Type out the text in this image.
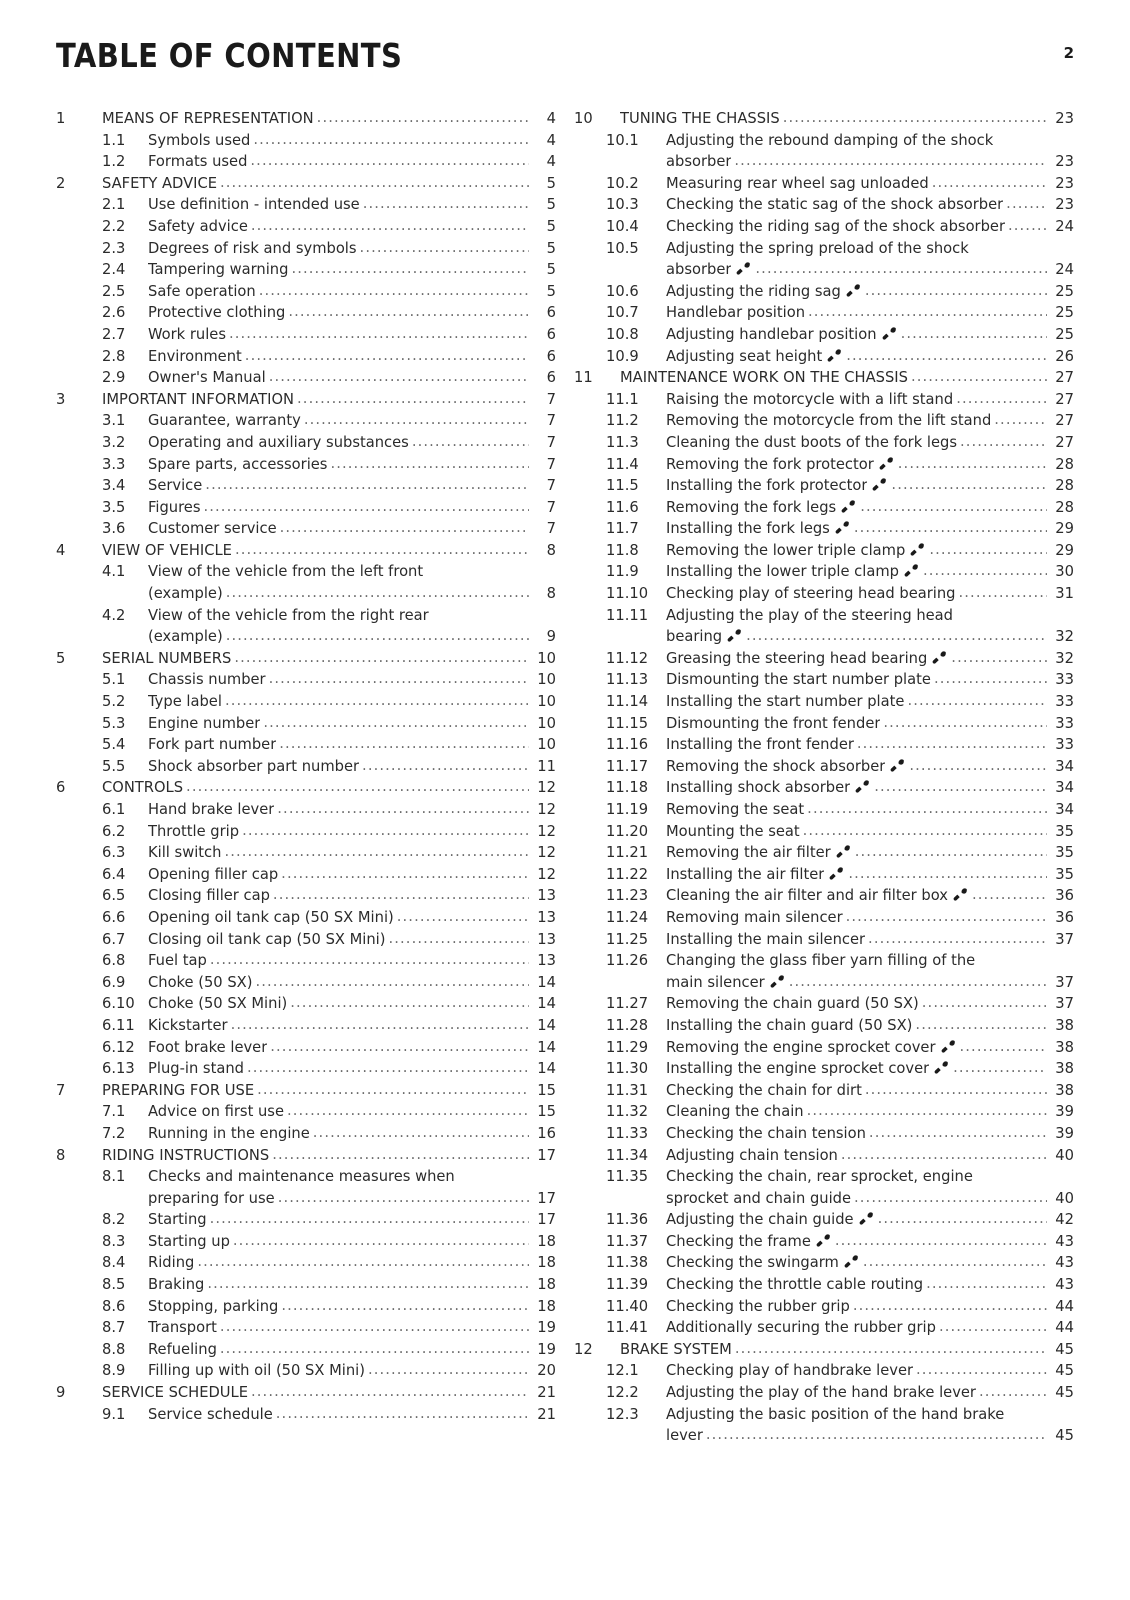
TABLE OF CONTENTS	2
1	MEANS OF REPRESENTATION .....	4
1.1	Symbols used .....	4
1.2	Formats used .....	4
2	SAFETY ADVICE .....	5
2.1	Use definition - intended use .....	5
2.2	Safety advice .....	5
2.3	Degrees of risk and symbols .....	5
2.4	Tampering warning .....	5
2.5	Safe operation .....	5
2.6	Protective clothing .....	6
2.7	Work rules .....	6
2.8	Environment .....	6
2.9	Owner's Manual .....	6
3	IMPORTANT INFORMATION .....	7
3.1	Guarantee, warranty .....	7
3.2	Operating and auxiliary substances .....	7
3.3	Spare parts, accessories .....	7
3.4	Service .....	7
3.5	Figures .....	7
3.6	Customer service .....	7
4	VIEW OF VEHICLE .....	8
4.1	View of the vehicle from the left front
(example) .....	8
4.2	View of the vehicle from the right rear
(example) .....	9
5	SERIAL NUMBERS .....	10
5.1	Chassis number .....	10
5.2	Type label .....	10
5.3	Engine number .....	10
5.4	Fork part number .....	10
5.5	Shock absorber part number .....	11
6	CONTROLS .....	12
6.1	Hand brake lever .....	12
6.2	Throttle grip .....	12
6.3	Kill switch .....	12
6.4	Opening filler cap .....	12
6.5	Closing filler cap .....	13
6.6	Opening oil tank cap (50 SX Mini) .....	13
6.7	Closing oil tank cap (50 SX Mini) .....	13
6.8	Fuel tap .....	13
6.9	Choke (50 SX) .....	14
6.10 Choke (50 SX Mini) .....	14
6.11 Kickstarter .....	14
6.12 Foot brake lever .....	14
6.13 Plug-in stand .....	14
7	PREPARING FOR USE .....	15
7.1	Advice on first use .....	15
7.2	Running in the engine .....	16
8	RIDING INSTRUCTIONS .....	17
8.1	Checks and maintenance measures when
preparing for use .....	17
8.2	Starting .....	17
8.3	Starting up .....	18
8.4	Riding .....	18
8.5	Braking .....	18
8.6	Stopping, parking .....	18
8.7	Transport .....	19
8.8	Refueling .....	19
8.9	Filling up with oil (50 SX Mini) .....	20
9	SERVICE SCHEDULE .....	21
9.1	Service schedule .....	21
10	TUNING THE CHASSIS .....	23
10.1	Adjusting the rebound damping of the shock
absorber .....	23
10.2	Measuring rear wheel sag unloaded .....	23
10.3	Checking the static sag of the shock absorber .....	23
10.4	Checking the riding sag of the shock absorber .....	24
10.5	Adjusting the spring preload of the shock
absorber .....	24
10.6	Adjusting the riding sag .....	25
10.7	Handlebar position .....	25
10.8	Adjusting handlebar position .....	25
10.9	Adjusting seat height .....	26
11	MAINTENANCE WORK ON THE CHASSIS .....	27
11.1	Raising the motorcycle with a lift stand .....	27
11.2	Removing the motorcycle from the lift stand .....	27
11.3	Cleaning the dust boots of the fork legs .....	27
11.4	Removing the fork protector .....	28
11.5	Installing the fork protector .....	28
11.6	Removing the fork legs .....	28
11.7	Installing the fork legs .....	29
11.8	Removing the lower triple clamp .....	29
11.9	Installing the lower triple clamp .....	30
11.10	Checking play of steering head bearing .....	31
11.11	Adjusting the play of the steering head
bearing .....	32
11.12	Greasing the steering head bearing .....	32
11.13	Dismounting the start number plate .....	33
11.14	Installing the start number plate .....	33
11.15	Dismounting the front fender .....	33
11.16	Installing the front fender .....	33
11.17	Removing the shock absorber .....	34
11.18	Installing shock absorber .....	34
11.19	Removing the seat .....	34
11.20	Mounting the seat .....	35
11.21	Removing the air filter .....	35
11.22	Installing the air filter .....	35
11.23	Cleaning the air filter and air filter box .....	36
11.24	Removing main silencer .....	36
11.25	Installing the main silencer .....	37
11.26	Changing the glass fiber yarn filling of the
main silencer .....	37
11.27	Removing the chain guard (50 SX) .....	37
11.28	Installing the chain guard (50 SX) .....	38
11.29	Removing the engine sprocket cover .....	38
11.30	Installing the engine sprocket cover .....	38
11.31	Checking the chain for dirt .....	38
11.32	Cleaning the chain .....	39
11.33	Checking the chain tension .....	39
11.34	Adjusting chain tension .....	40
11.35	Checking the chain, rear sprocket, engine
sprocket and chain guide .....	40
11.36	Adjusting the chain guide .....	42
11.37	Checking the frame .....	43
11.38	Checking the swingarm .....	43
11.39	Checking the throttle cable routing .....	43
11.40	Checking the rubber grip .....	44
11.41	Additionally securing the rubber grip .....	44
12	BRAKE SYSTEM .....	45
12.1	Checking play of handbrake lever .....	45
12.2	Adjusting the play of the hand brake lever .....	45
12.3	Adjusting the basic position of the hand brake
lever .....	45
